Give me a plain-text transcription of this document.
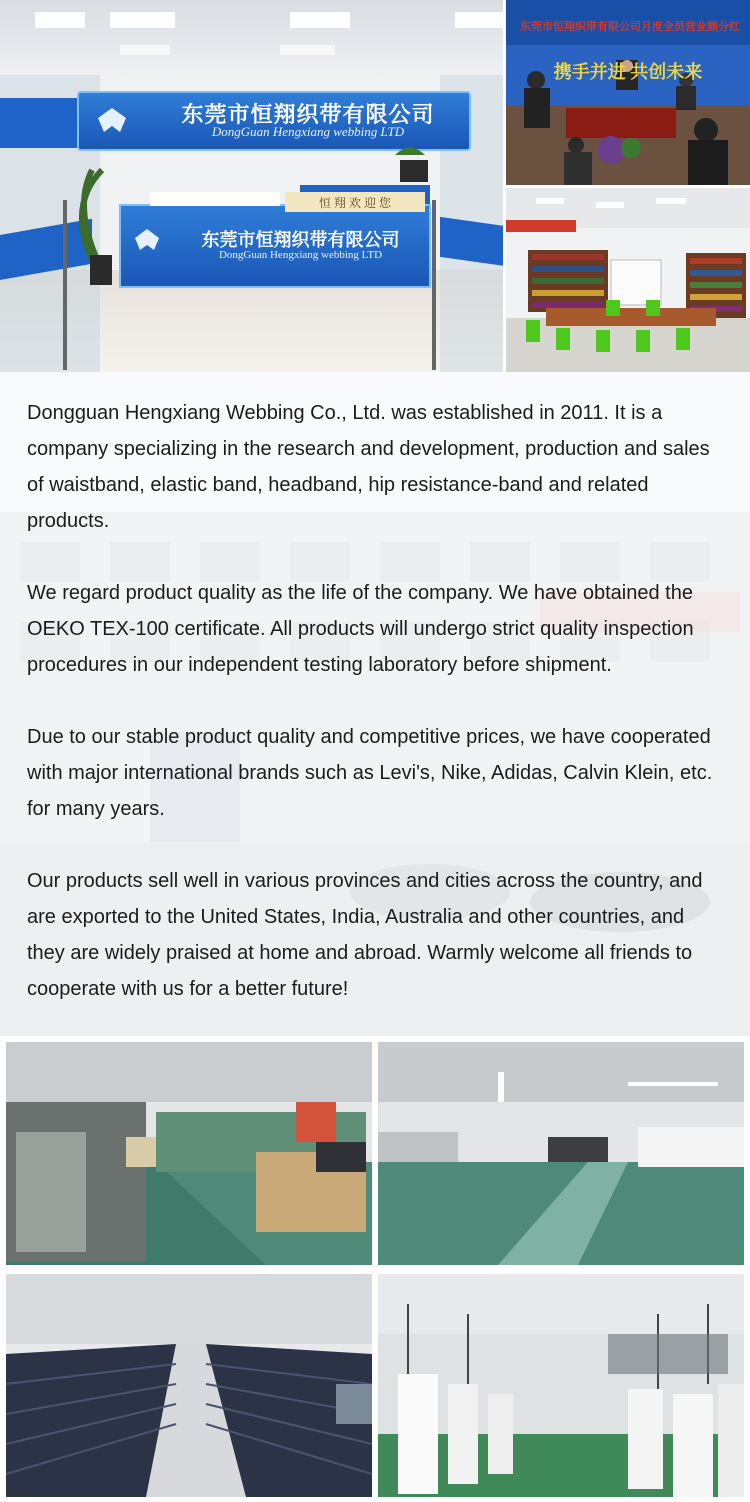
东莞市恒翔织带有限公司
DongGuan Hengxiang webbing LTD
东莞市恒翔织带有限公司
DongGuan Hengxiang webbing LTD
恒 翔 欢 迎 您
东莞市恒翔织带有限公司月度全员营业额分红
携手并进 共创未来

Dongguan Hengxiang Webbing Co., Ltd. was established in 2011. It is a company specializing in the research and development, production and sales of waistband, elastic band, headband, hip resistance-band and related products.

We regard product quality as the life of the company. We have obtained the OEKO TEX-100 certificate. All products will undergo strict quality inspection procedures in our independent testing laboratory before shipment.

Due to our stable product quality and competitive prices, we have cooperated with major international brands such as Levi's, Nike, Adidas, Calvin Klein, etc. for many years.

Our products sell well in various provinces and cities across the country, and are exported to the United States, India, Australia and other countries, and they are widely praised at home and abroad. Warmly welcome all friends to cooperate with us for a better future!
